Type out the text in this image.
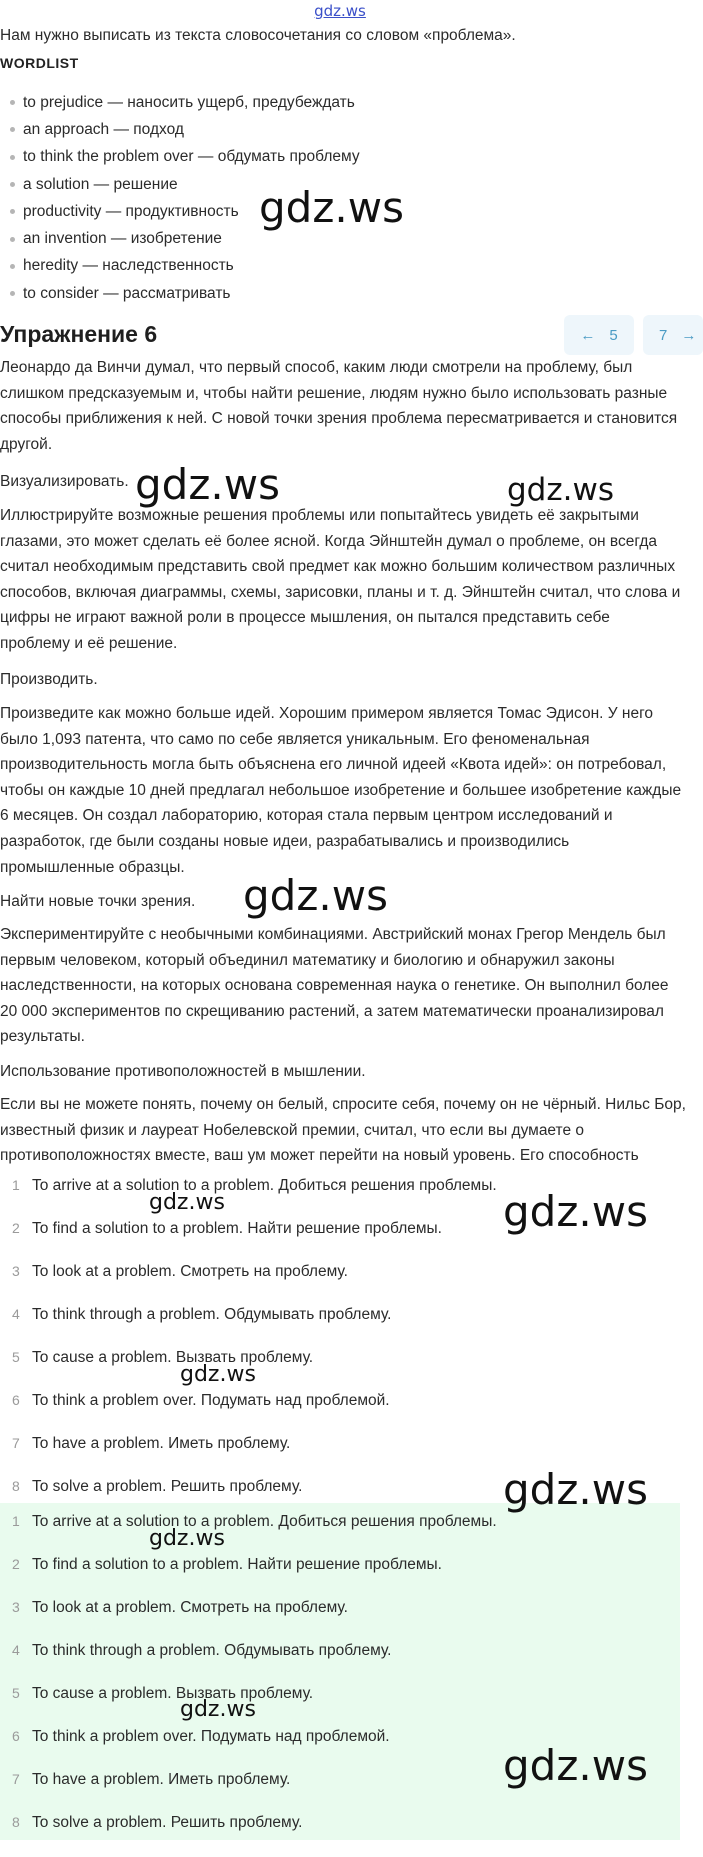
gdz.ws
Нам нужно выписать из текста словосочетания со словом «проблема».
WORDLIST
to prejudice — наносить ущерб, предубеждать
an approach — подход
to think the problem over — обдумать проблему
a solution — решение
productivity — продуктивность
an invention — изобретение
heredity — наследственность
to consider — рассматривать
Упражнение 6	← 5	7 →
Леонардо да Винчи думал, что первый способ, каким люди смотрели на проблему, был слишком предсказуемым и, чтобы найти решение, людям нужно было использовать разные способы приближения к ней. С новой точки зрения проблема пересматривается и становится другой.
Визуализировать.
Иллюстрируйте возможные решения проблемы или попытайтесь увидеть её закрытыми глазами, это может сделать её более ясной. Когда Эйнштейн думал о проблеме, он всегда считал необходимым представить свой предмет как можно большим количеством различных способов, включая диаграммы, схемы, зарисовки, планы и т. д. Эйнштейн считал, что слова и цифры не играют важной роли в процессе мышления, он пытался представить себе проблему и её решение.
Производить.
Произведите как можно больше идей. Хорошим примером является Томас Эдисон. У него было 1,093 патента, что само по себе является уникальным. Его феноменальная производительность могла быть объяснена его личной идеей «Квота идей»: он потребовал, чтобы он каждые 10 дней предлагал небольшое изобретение и большее изобретение каждые 6 месяцев. Он создал лабораторию, которая стала первым центром исследований и разработок, где были созданы новые идеи, разрабатывались и производились промышленные образцы.
Найти новые точки зрения.
Экспериментируйте с необычными комбинациями. Австрийский монах Грегор Мендель был первым человеком, который объединил математику и биологию и обнаружил законы наследственности, на которых основана современная наука о генетике. Он выполнил более 20 000 экспериментов по скрещиванию растений, а затем математически проанализировал результаты.
Использование противоположностей в мышлении.
Если вы не можете понять, почему он белый, спросите себя, почему он не чёрный. Нильс Бор, известный физик и лауреат Нобелевской премии, считал, что если вы думаете о противоположностях вместе, ваш ум может перейти на новый уровень. Его способность
1 To arrive at a solution to a problem. Добиться решения проблемы.
2 To find a solution to a problem. Найти решение проблемы.
3 To look at a problem. Смотреть на проблему.
4 To think through a problem. Обдумывать проблему.
5 To cause a problem. Вызвать проблему.
6 To think a problem over. Подумать над проблемой.
7 To have a problem. Иметь проблему.
8 To solve a problem. Решить проблему.
1 To arrive at a solution to a problem. Добиться решения проблемы.
2 To find a solution to a problem. Найти решение проблемы.
3 To look at a problem. Смотреть на проблему.
4 To think through a problem. Обдумывать проблему.
5 To cause a problem. Вызвать проблему.
6 To think a problem over. Подумать над проблемой.
7 To have a problem. Иметь проблему.
8 To solve a problem. Решить проблему.
gdz.ws
gdz.ws	gdz.ws
gdz.ws
gdz.ws	gdz.ws
gdz.ws
gdz.ws
gdz.ws
gdz.ws
gdz.ws
